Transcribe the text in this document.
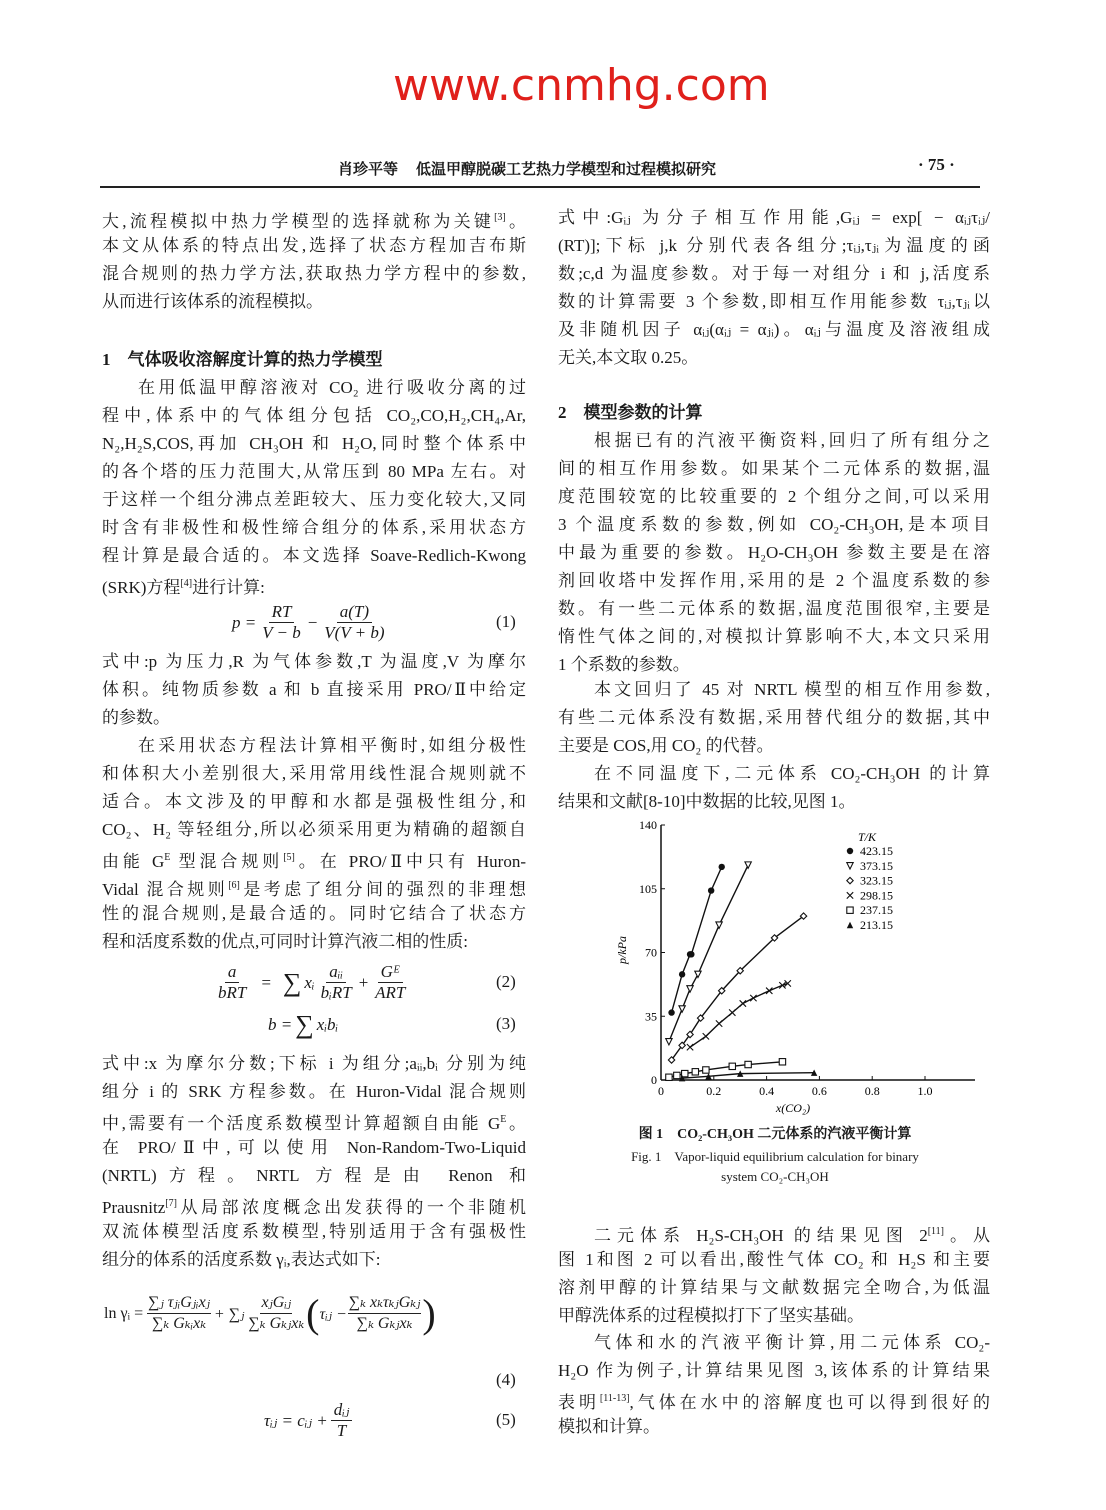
肖珍平等 低温甲醇脱碳工艺热力学模型和过程模拟研究	· 75 ·
大,流程模拟中热力学模型的选择就称为关键[3]。
本文从体系的特点出发,选择了状态方程加吉布斯
混合规则的热力学方法,获取热力学方程中的参数,
从而进行该体系的流程模拟。
1　气体吸收溶解度计算的热力学模型
在用低温甲醇溶液对 CO₂ 进行吸收分离的过
程中,体系中的气体组分包括 CO₂,CO,H₂,CH₄,Ar,
N₂,H₂S,COS,再加 CH₃OH 和 H₂O,同时整个体系中
的各个塔的压力范围大,从常压到 80 MPa 左右。对
于这样一个组分沸点差距较大、压力变化较大,又同
时含有非极性和极性缔合组分的体系,采用状态方
程计算是最合适的。本文选择 Soave-Redlich-Kwong
(SRK)方程[4]进行计算:
式中:p 为压力,R 为气体参数,T 为温度,V 为摩尔
体积。纯物质参数 a 和 b 直接采用 PRO/Ⅱ中给定
的参数。
在采用状态方程法计算相平衡时,如组分极性
和体积大小差别很大,采用常用线性混合规则就不
适合。本文涉及的甲醇和水都是强极性组分,和
CO₂、H₂ 等轻组分,所以必须采用更为精确的超额自
由能 $G^E$ 型混合规则[5]。在 PRO/Ⅱ中只有 Huron-
Vidal 混合规则[6]是考虑了组分间的强烈的非理想
性的混合规则,是最合适的。同时它结合了状态方
程和活度系数的优点,可同时计算汽液二相的性质:
式中:x 为摩尔分数;下标 i 为组分;aᵢᵢ,bᵢ 分别为纯
组分 i 的 SRK 方程参数。在 Huron-Vidal 混合规则
中,需要有一个活度系数模型计算超额自由能 $G^E$。
在 PRO/Ⅱ中,可以使用 Non-Random-Two-Liquid
(NRTL)方程。NRTL 方程是由 Renon 和
Prausnitz[7]从局部浓度概念出发获得的一个非随机
双流体模型活度系数模型,特别适用于含有强极性
组分的体系的活度系数 γᵢ,表达式如下:
式中:Gᵢⱼ 为分子相互作用能,Gᵢⱼ = exp[ − αᵢⱼτᵢⱼ/
(RT)];下标 j,k 分别代表各组分;τᵢⱼ,τⱼᵢ为温度的函
数;c,d 为温度参数。对于每一对组分 i 和 j,活度系
数的计算需要 3 个参数,即相互作用能参数 τᵢⱼ,τⱼᵢ以
及非随机因子 αᵢⱼ(αᵢⱼ = αⱼᵢ)。αᵢⱼ与温度及溶液组成
无关,本文取 0.25。
2　模型参数的计算
根据已有的汽液平衡资料,回归了所有组分之
间的相互作用参数。如果某个二元体系的数据,温
度范围较宽的比较重要的 2 个组分之间,可以采用
3 个温度系数的参数,例如 CO₂-CH₃OH,是本项目
中最为重要的参数。H₂O-CH₃OH 参数主要是在溶
剂回收塔中发挥作用,采用的是 2 个温度系数的参
数。有一些二元体系的数据,温度范围很窄,主要是
惰性气体之间的,对模拟计算影响不大,本文只采用
1 个系数的参数。
本文回归了 45 对 NRTL 模型的相互作用参数,
有些二元体系没有数据,采用替代组分的数据,其中
主要是 COS,用 CO₂ 的代替。
在不同温度下,二元体系 CO₂-CH₃OH 的计算
结果和文献[8-10]中数据的比较,见图 1。
二元体系 H₂S-CH₃OH 的结果见图 2[11]。从
图 1和图 2 可以看出,酸性气体 CO₂ 和 H₂S 和主要
溶剂甲醇的计算结果与文献数据完全吻合,为低温
甲醇洗体系的过程模拟打下了坚实基础。
气体和水的汽液平衡计算,用二元体系 CO₂-
H₂O 作为例子,计算结果见图 3,该体系的计算结果
表明[11-13],气体在水中的溶解度也可以得到很好的
模拟和计算。
$p = \frac{RT}{V - b} - \frac{a(T)}{V(V + b)}$	(1)
$\frac{a}{\text{bRT}}$ = ∑ xᵢ $\frac{\text{aᵢᵢ}}{\text{bᵢRT}} + \frac{\text{Gᴱ}}{\text{ART}}$	(2)
b = ∑ xᵢbᵢ	(3)
ln γᵢ = $\frac{\text{∑ⱼ τⱼᵢGⱼᵢxⱼ}}{\text{∑ₖ Gₖᵢxₖ}}$ + ∑ⱼ $\frac{\text{xⱼGᵢⱼ}}{\text{∑ₖ Gₖⱼxₖ}}$ ( τᵢⱼ − $\frac{\text{∑ₖ xₖτₖⱼGₖⱼ}}{\text{∑ₖ Gₖⱼxₖ}}$ )
(4)
τᵢⱼ = cᵢⱼ + $\frac{\text{dᵢⱼ}}{T}$	(5)
0	0.2	0.4	0.6	0.8	1.0
0
35
70
105
140
x(CO₂)
p/kPa
T/K
423.15
373.15
323.15
298.15
237.15
213.15
图 1　CO₂-CH₃OH 二元体系的汽液平衡计算
Fig. 1　Vapor-liquid equilibrium calculation for binary
system CO₂-CH₃OH
www.cnmhg.com
